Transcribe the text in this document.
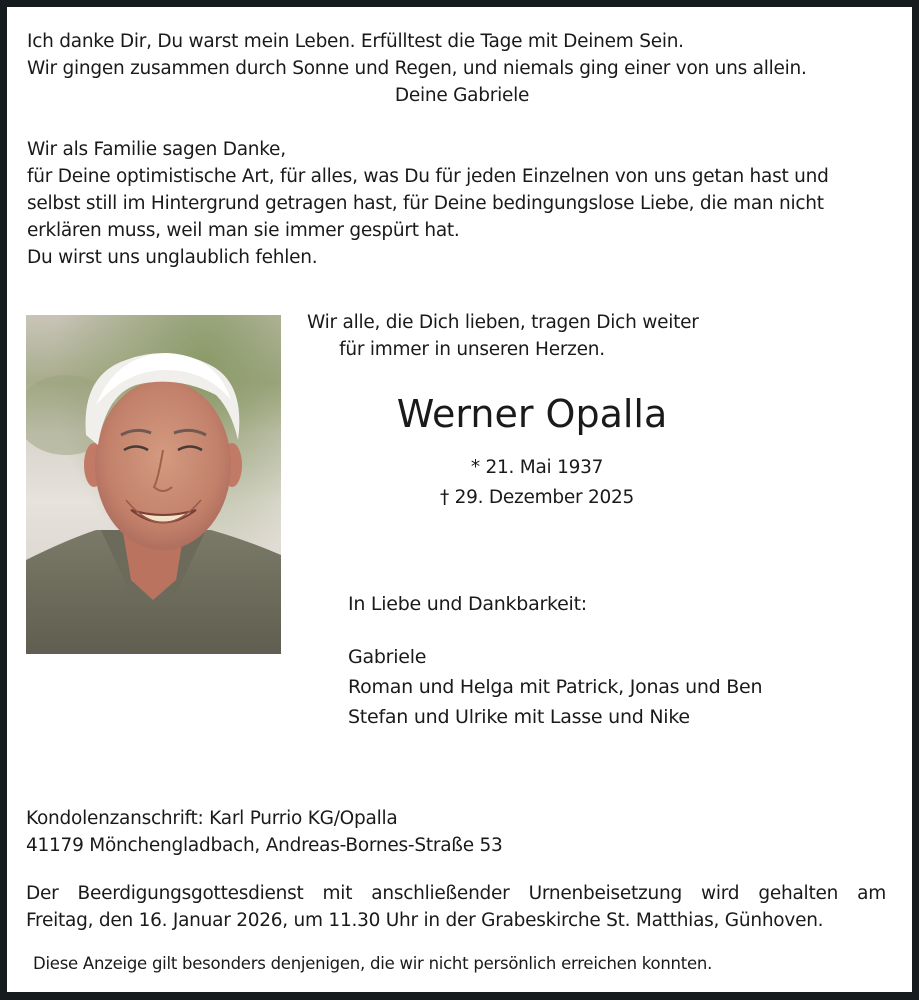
Ich danke Dir, Du warst mein Leben. Erfülltest die Tage mit Deinem Sein.
Wir gingen zusammen durch Sonne und Regen, und niemals ging einer von uns allein.
Deine Gabriele
Wir als Familie sagen Danke,
für Deine optimistische Art, für alles, was Du für jeden Einzelnen von uns getan hast und
selbst still im Hintergrund getragen hast, für Deine bedingungslose Liebe, die man nicht
erklären muss, weil man sie immer gespürt hat.
Du wirst uns unglaublich fehlen.
Wir alle, die Dich lieben, tragen Dich weiter
für immer in unseren Herzen.
Werner Opalla
* 21. Mai 1937
† 29. Dezember 2025
In Liebe und Dankbarkeit:
Gabriele
Roman und Helga mit Patrick, Jonas und Ben
Stefan und Ulrike mit Lasse und Nike
Kondolenzanschrift: Karl Purrio KG/Opalla
41179 Mönchengladbach, Andreas-Bornes-Straße 53
Der Beerdigungsgottesdienst mit anschließender Urnenbeisetzung wird gehalten am
Freitag, den 16. Januar 2026, um 11.30 Uhr in der Grabeskirche St. Matthias, Günhoven.
Diese Anzeige gilt besonders denjenigen, die wir nicht persönlich erreichen konnten.
